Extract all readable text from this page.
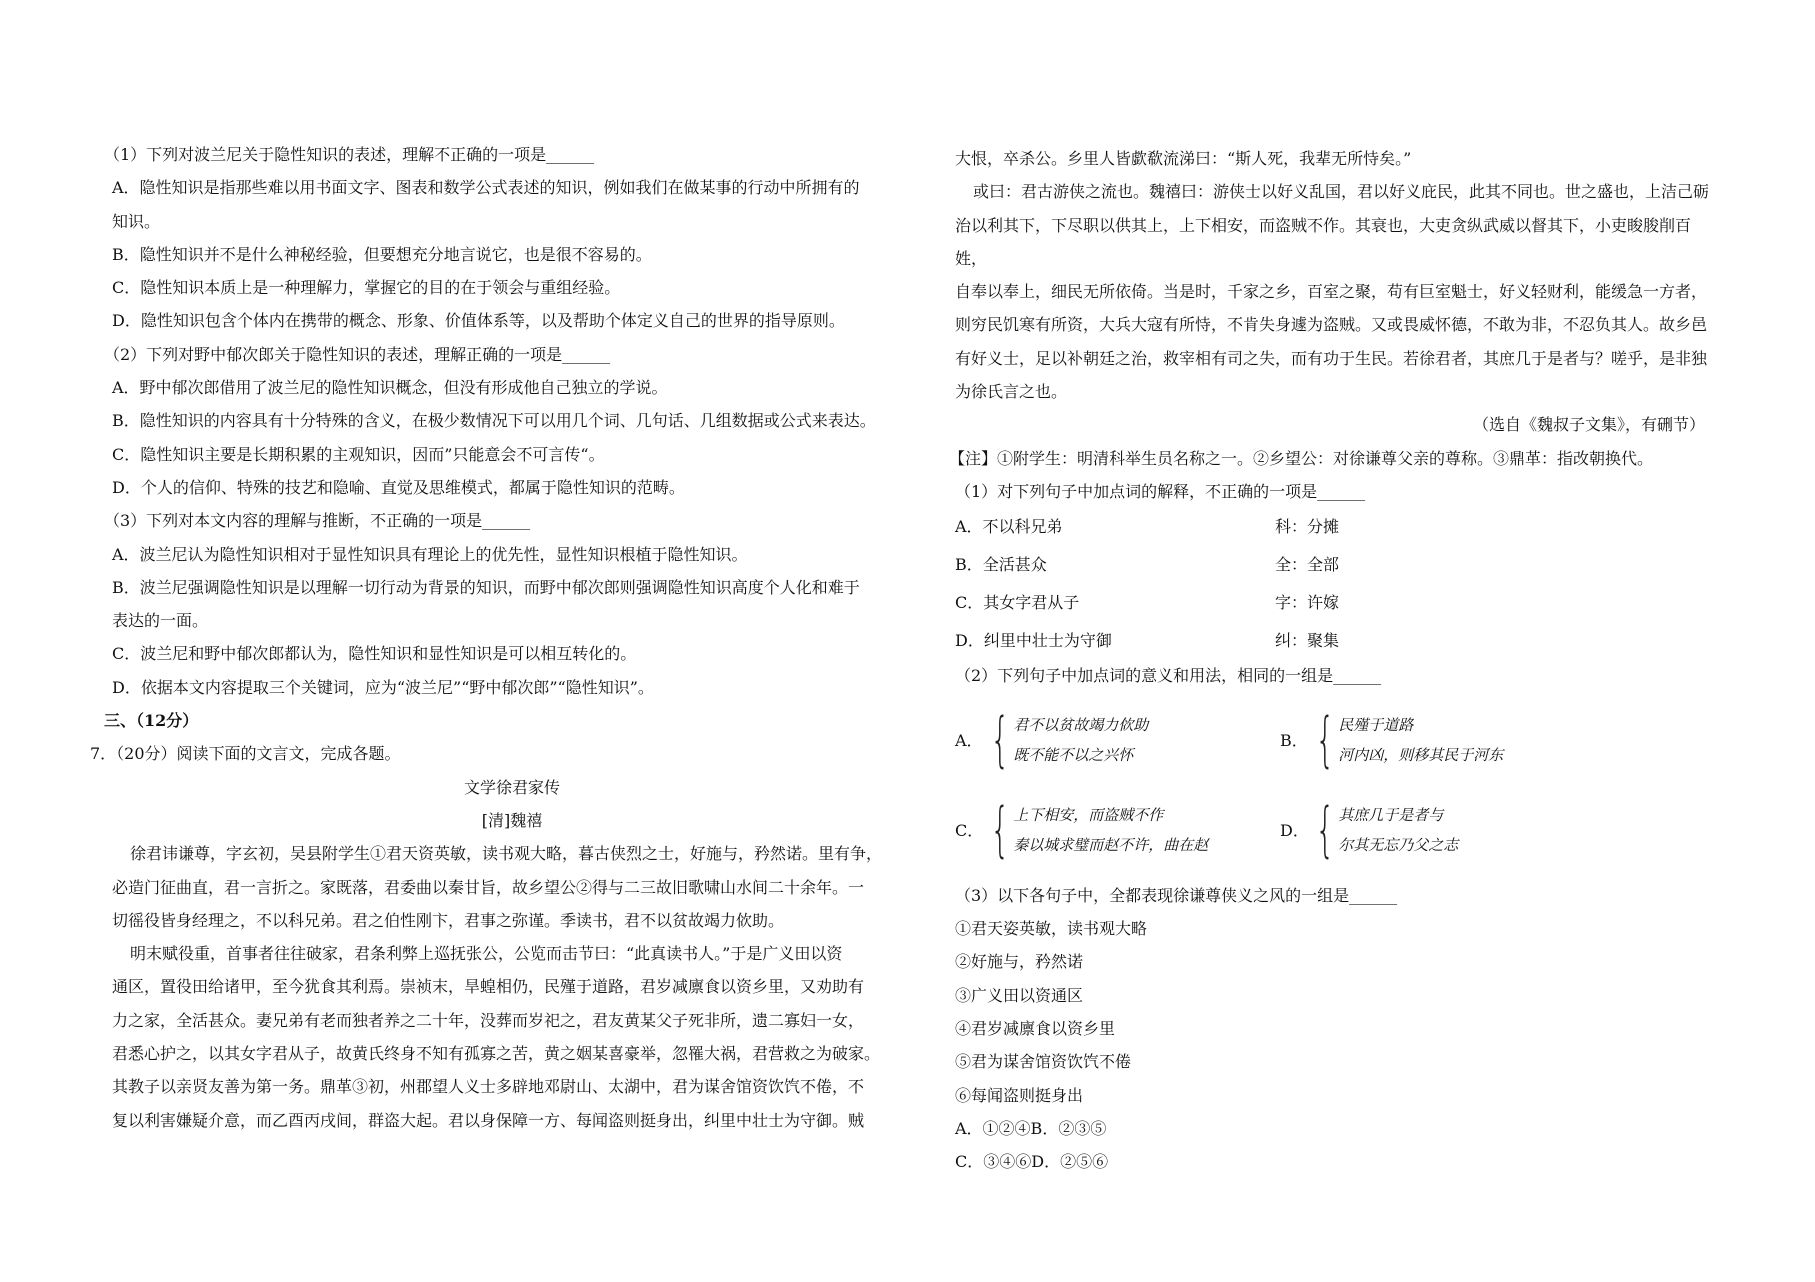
（1）下列对波兰尼关于隐性知识的表述，理解不正确的一项是______

A．隐性知识是指那些难以用书面文字、图表和数学公式表述的知识，例如我们在做某事的行动中所拥有的

知识。

B．隐性知识并不是什么神秘经验，但要想充分地言说它，也是很不容易的。

C．隐性知识本质上是一种理解力，掌握它的目的在于领会与重组经验。

D．隐性知识包含个体内在携带的概念、形象、价值体系等，以及帮助个体定义自己的世界的指导原则。

（2）下列对野中郁次郎关于隐性知识的表述，理解正确的一项是______

A．野中郁次郎借用了波兰尼的隐性知识概念，但没有形成他自己独立的学说。

B．隐性知识的内容具有十分特殊的含义，在极少数情况下可以用几个词、几句话、几组数据或公式来表达。

C．隐性知识主要是长期积累的主观知识，因而”只能意会不可言传“。

D．个人的信仰、特殊的技艺和隐喻、直觉及思维模式，都属于隐性知识的范畴。

（3）下列对本文内容的理解与推断，不正确的一项是______

A．波兰尼认为隐性知识相对于显性知识具有理论上的优先性，显性知识根植于隐性知识。

B．波兰尼强调隐性知识是以理解一切行动为背景的知识，而野中郁次郎则强调隐性知识高度个人化和难于

表达的一面。

C．波兰尼和野中郁次郎都认为，隐性知识和显性知识是可以相互转化的。

D．依据本文内容提取三个关键词，应为“波兰尼”“野中郁次郎”“隐性知识”。

三、（12分）

7．（20分）阅读下面的文言文，完成各题。

文学徐君家传

[清]魏禧

徐君讳谦尊，字玄初，吴县附学生①君天资英敏，读书观大略，暮古侠烈之士，好施与，矜然诺。里有争，

必造门征曲直，君一言折之。家既落，君委曲以秦甘旨，故乡望公②得与二三故旧歌啸山水间二十余年。一

切徭役皆身经理之，不以科兄弟。君之伯性刚卞，君事之弥谨。季读书，君不以贫故竭力佽助。

明末赋役重，首事者往往破家，君条利弊上巡抚张公，公览而击节曰：“此真读书人。”于是广义田以资

通区，置役田给诸甲，至今犹食其利焉。崇祯末，旱蝗相仍，民殣于道路，君岁减廪食以资乡里，又劝助有

力之家，全活甚众。妻兄弟有老而独者养之二十年，没葬而岁祀之，君友黄某父子死非所，遗二寡妇一女，

君悉心护之，以其女字君从子，故黄氏终身不知有孤寡之苦，黄之姻某喜豪举，忽罹大祸，君营救之为破家。

其教子以亲贤友善为第一务。鼎革③初，州郡望人义士多辟地邓尉山、太湖中，君为谋舍馆资饮饩不倦，不

复以利害嫌疑介意，而乙酉丙戌间，群盗大起。君以身保障一方、每闻盗则挺身出，纠里中壮士为守御。贼

大恨，卒杀公。乡里人皆歔欷流涕曰：“斯人死，我辈无所恃矣。”

或曰：君古游侠之流也。魏禧曰：游侠士以好义乱国，君以好义庇民，此其不同也。世之盛也，上洁己砺

治以利其下，下尽职以供其上，上下相安，而盗贼不作。其衰也，大吏贪纵武威以督其下，小吏睃朘削百姓，

自奉以奉上，细民无所依倚。当是时，千家之乡，百室之聚，苟有巨室魁士，好义轻财利，能缓急一方者，

则穷民饥寒有所资，大兵大寇有所恃，不肯失身遽为盗贼。又或畏威怀德，不敢为非，不忍负其人。故乡邑

有好义士，足以补朝廷之治，救宰相有司之失，而有功于生民。若徐君者，其庶几于是者与？嗟乎，是非独

为徐氏言之也。

（选自《魏叔子文集》，有硎节）

【注】①附学生：明清科举生员名称之一。②乡望公：对徐谦尊父亲的尊称。③鼎革：指改朝换代。

（1）对下列句子中加点词的解释，不正确的一项是______

A．不以科兄弟	科：分摊
B．全活甚众	全：全部
C．其女字君从子	字：许嫁
D．纠里中壮士为守御	纠：聚集

（2）下列句子中加点词的意义和用法，相同的一组是______

A． { 君不以贫故竭力佽助
既不能不以之兴怀
B． { 民殣于道路
河内凶，则移其民于河东
C． { 上下相安，而盗贼不作
秦以城求璧而赵不许，曲在赵
D． { 其庶几于是者与
尔其无忘乃父之志

（3）以下各句子中，全都表现徐谦尊侠义之风的一组是______

①君天姿英敏，读书观大略

②好施与，矜然诺

③广义田以资通区

④君岁减廪食以资乡里

⑤君为谋舍馆资饮饩不倦

⑥每闻盗则挺身出

A．①②④B．②③⑤

C．③④⑥D．②⑤⑥
